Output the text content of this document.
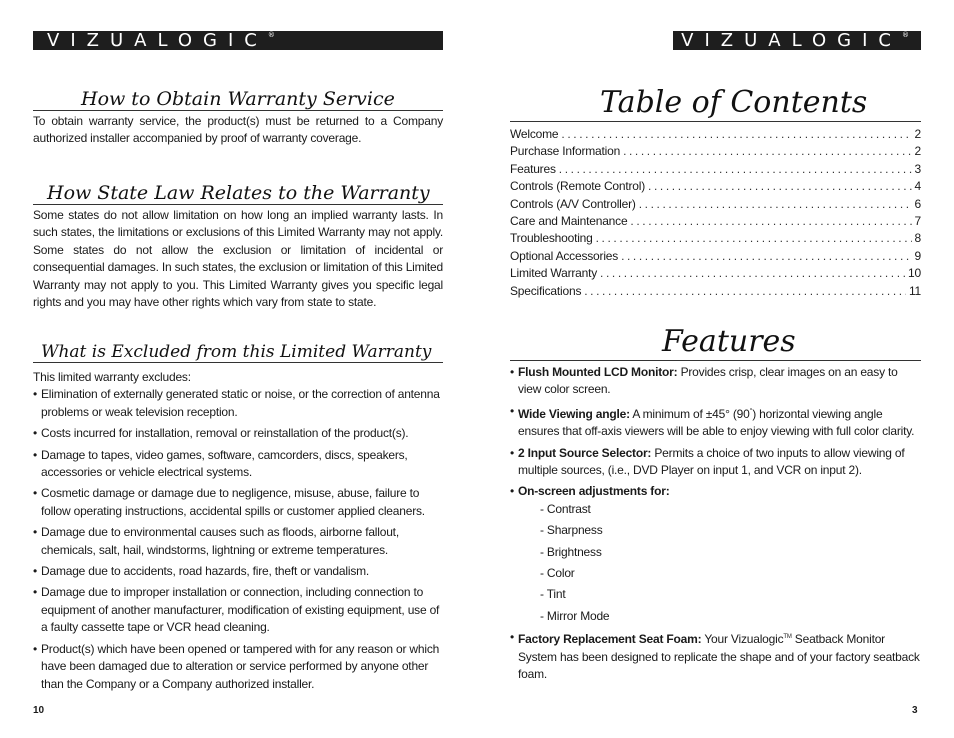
VIZUALOGIC®	VIZUALOGIC®
How to Obtain Warranty Service

To obtain warranty service, the product(s) must be returned to a Company authorized installer accompanied by proof of warranty coverage.

How State Law Relates to the Warranty

Some states do not allow limitation on how long an implied warranty lasts. In such states, the limitations or exclusions of this Limited Warranty may not apply. Some states do not allow the exclusion or limitation of incidental or consequential damages. In such states, the exclusion or limitation of this Limited Warranty may not apply to you. This Limited Warranty gives you specific legal rights and you may have other rights which vary from state to state.

What is Excluded from this Limited Warranty

This limited warranty excludes:

• Elimination of externally generated static or noise, or the correction of antenna problems or weak television reception.
• Costs incurred for installation, removal or reinstallation of the product(s).
• Damage to tapes, video games, software, camcorders, discs, speakers, accessories or vehicle electrical systems.
• Cosmetic damage or damage due to negligence, misuse, abuse, failure to follow operating instructions, accidental spills or customer applied cleaners.
• Damage due to environmental causes such as floods, airborne fallout, chemicals, salt, hail, windstorms, lightning or extreme temperatures.
• Damage due to accidents, road hazards, fire, theft or vandalism.
• Damage due to improper installation or connection, including connection to equipment of another manufacturer, modification of existing equipment, use of a faulty cassette tape or VCR head cleaning.
• Product(s) which have been opened or tampered with for any reason or which have been damaged due to alteration or service performed by anyone other than the Company or a Company authorized installer.
10
Table of Contents
Welcome .....	2
Purchase Information .....	2
Features .....	3
Controls (Remote Control) .....	4
Controls (A/V Controller) .....	6
Care and Maintenance .....	7
Troubleshooting .....	8
Optional Accessories .....	9
Limited Warranty .....	10
Specifications .....	11
Features
• Flush Mounted LCD Monitor: Provides crisp, clear images on an easy to view color screen.
• Wide Viewing angle: A minimum of ±45° (90°) horizontal viewing angle ensures that off-axis viewers will be able to enjoy viewing with full color clarity.
• 2 Input Source Selector: Permits a choice of two inputs to allow viewing of multiple sources, (i.e., DVD Player on input 1, and VCR on input 2).
• On-screen adjustments for:
- Contrast
- Sharpness
- Brightness
- Color
- Tint
- Mirror Mode
• Factory Replacement Seat Foam: Your Vizualogic™ Seatback Monitor System has been designed to replicate the shape and of your factory seatback foam.
3
